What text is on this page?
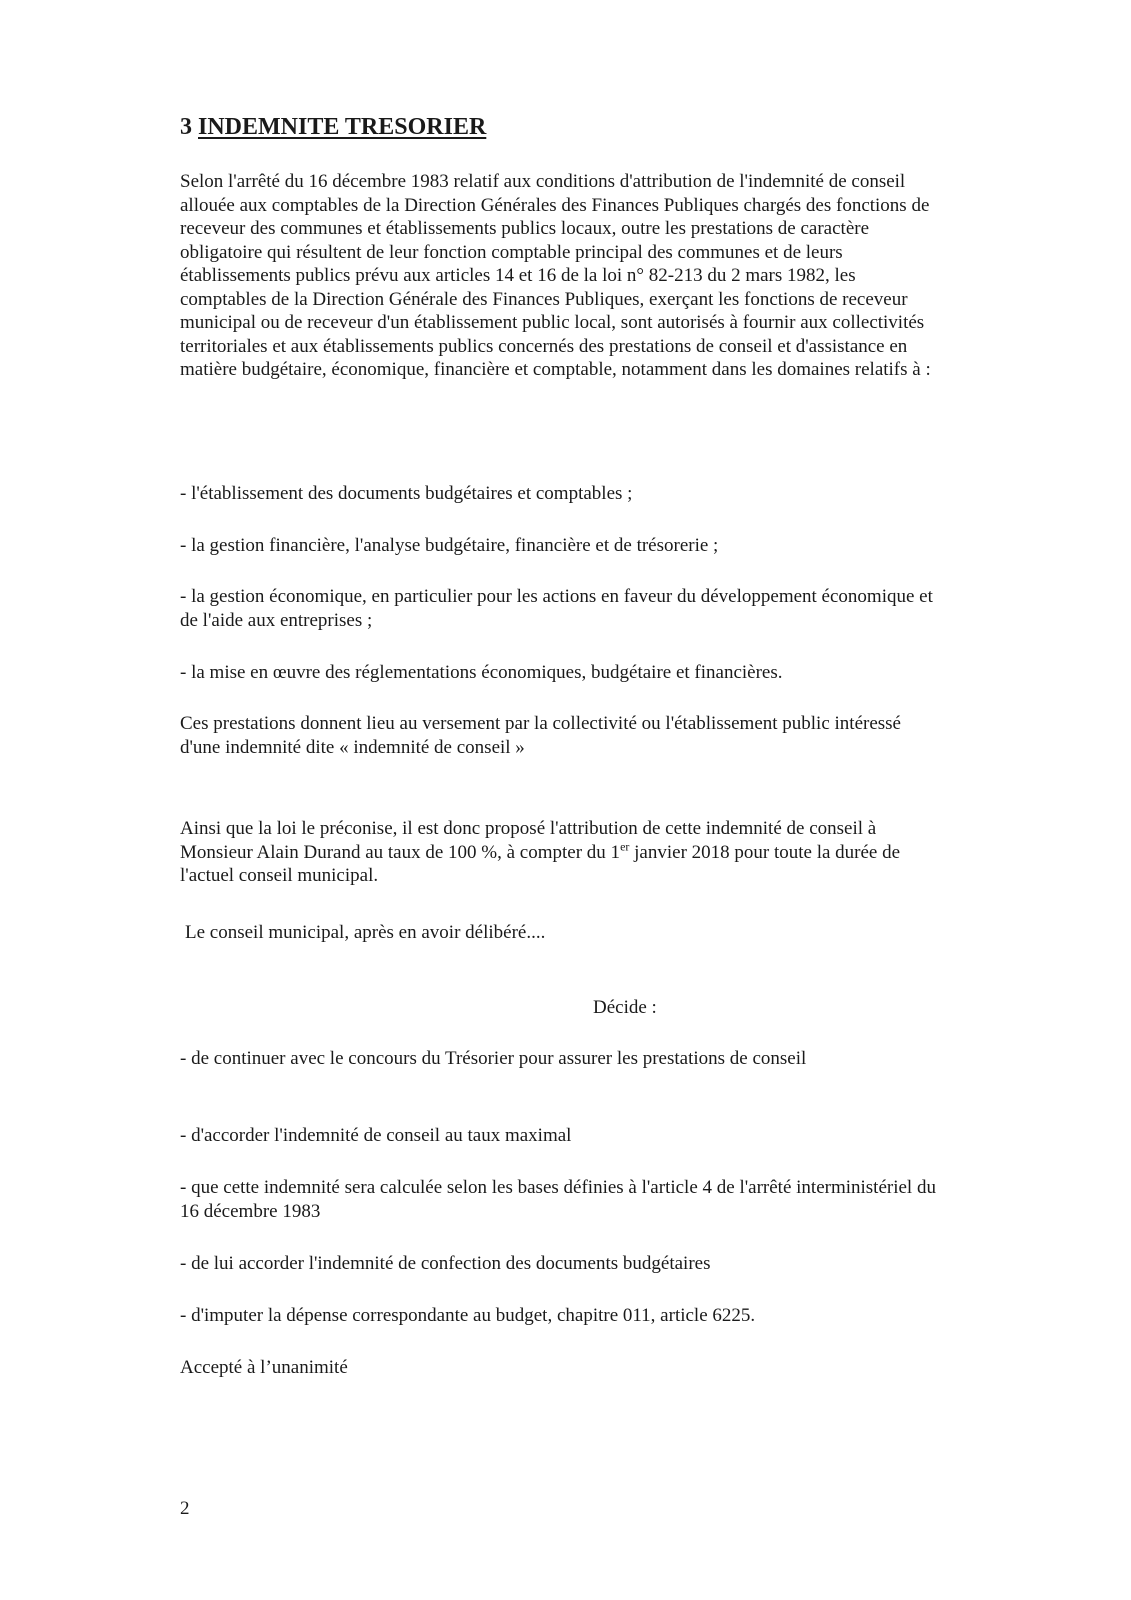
3 INDEMNITE TRESORIER

Selon l'arrêté du 16 décembre 1983 relatif aux conditions d'attribution de l'indemnité de conseil allouée aux comptables de la Direction Générales des Finances Publiques chargés des fonctions de receveur des communes et établissements publics locaux, outre les prestations de caractère obligatoire qui résultent de leur fonction comptable principal des communes et de leurs établissements publics prévu aux articles 14 et 16 de la loi n° 82-213 du 2 mars 1982, les comptables de la Direction Générale des Finances Publiques, exerçant les fonctions de receveur municipal ou de receveur d'un établissement public local, sont autorisés à fournir aux collectivités territoriales et aux établissements publics concernés des prestations de conseil et d'assistance en matière budgétaire, économique, financière et comptable, notamment dans les domaines relatifs à :

- l'établissement des documents budgétaires et comptables ;

- la gestion financière, l'analyse budgétaire, financière et de trésorerie ;

- la gestion économique, en particulier pour les actions en faveur du développement économique et de l'aide aux entreprises ;

- la mise en œuvre des réglementations économiques, budgétaire et financières.

Ces prestations donnent lieu au versement par la collectivité ou l'établissement public intéressé d'une indemnité dite « indemnité de conseil »

Ainsi que la loi le préconise, il est donc proposé l'attribution de cette indemnité de conseil à Monsieur Alain Durand au taux de 100 %, à compter du 1er janvier 2018 pour toute la durée de l'actuel conseil municipal.

Le conseil municipal, après en avoir délibéré....

Décide :

- de continuer avec le concours du Trésorier pour assurer les prestations de conseil

- d'accorder l'indemnité de conseil au taux maximal

- que cette indemnité sera calculée selon les bases définies à l'article 4 de l'arrêté interministériel du 16 décembre 1983

- de lui accorder l'indemnité de confection des documents budgétaires

- d'imputer la dépense correspondante au budget, chapitre 011, article 6225.

Accepté à l’unanimité

2
